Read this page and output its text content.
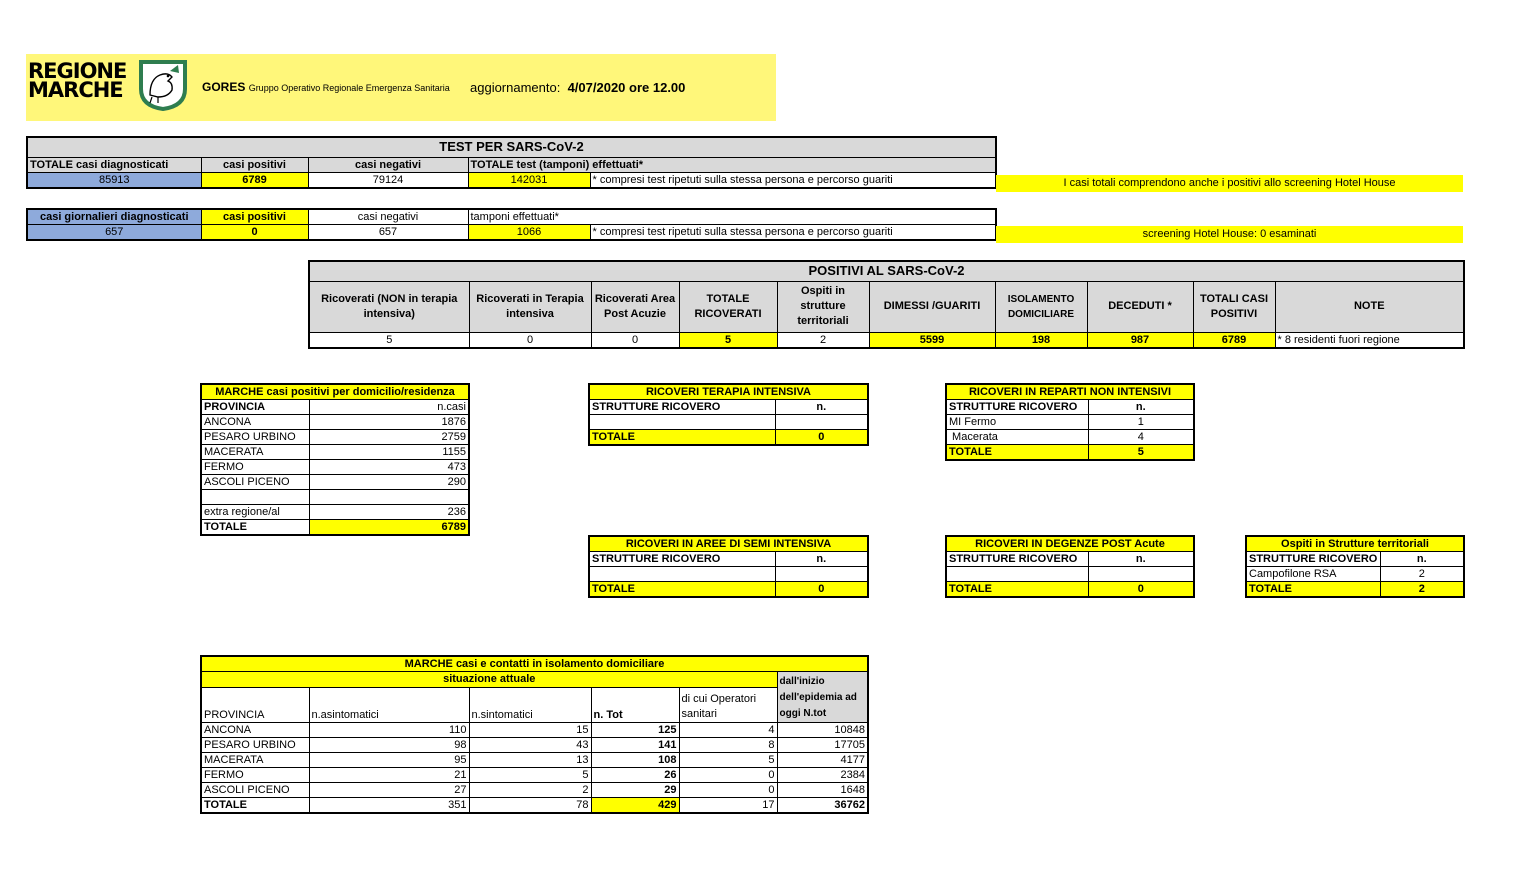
REGIONE
MARCHE	GORES Gruppo Operativo Regionale Emergenza Sanitaria aggiornamento: 4/07/2020 ore 12.00
TEST PER SARS-CoV-2				
TOTALE casi diagnosticati	casi positivi	casi negativi	TOTALE test (tamponi) effettuati*	
85913	6789	79124	142031	* compresi test ripetuti sulla stessa persona e percorso guariti	I casi totali comprendono anche i positivi allo screening Hotel House
casi giornalieri diagnosticati	casi positivi	casi negativi	tamponi effettuati*	
657	0	657	1066	* compresi test ripetuti sulla stessa persona e percorso guariti	screening Hotel House: 0 esaminati
POSITIVI AL SARS-CoV-2									
Ricoverati (NON in terapia intensiva)	Ricoverati in Terapia intensiva	Ricoverati Area Post Acuzie	TOTALE RICOVERATI	Ospiti in strutture territoriali	DIMESSI /GUARITI	ISOLAMENTO DOMICILIARE	DECEDUTI *	TOTALI CASI POSITIVI	NOTE
5	0	0	5	2	5599	198	987	6789	* 8 residenti fuori regione
MARCHE casi positivi per domicilio/residenza	
PROVINCIA	n.casi
ANCONA	1876
PESARO URBINO	2759
MACERATA	1155
FERMO	473
ASCOLI PICENO	290

extra regione/al	236
TOTALE	6789
RICOVERI TERAPIA INTENSIVA	
STRUTTURE RICOVERO	n.

TOTALE	0
RICOVERI IN REPARTI NON INTENSIVI	
STRUTTURE RICOVERO	n.
MI Fermo	1
Macerata	4
TOTALE	5
RICOVERI IN AREE DI SEMI INTENSIVA	
STRUTTURE RICOVERO	n.

TOTALE	0
RICOVERI IN DEGENZE POST Acute	
STRUTTURE RICOVERO	n.

TOTALE	0
Ospiti in Strutture territoriali	
STRUTTURE RICOVERO	n.
Campofilone RSA	2
TOTALE	2
MARCHE casi e contatti in isolamento domiciliare					
situazione attuale					dall'inizio dell'epidemia ad oggi N.tot
PROVINCIA	n.asintomatici	n.sintomatici	n. Tot	di cui Operatori sanitari	
ANCONA	110	15	125	4	10848
PESARO URBINO	98	43	141	8	17705
MACERATA	95	13	108	5	4177
FERMO	21	5	26	0	2384
ASCOLI PICENO	27	2	29	0	1648
TOTALE	351	78	429	17	36762
